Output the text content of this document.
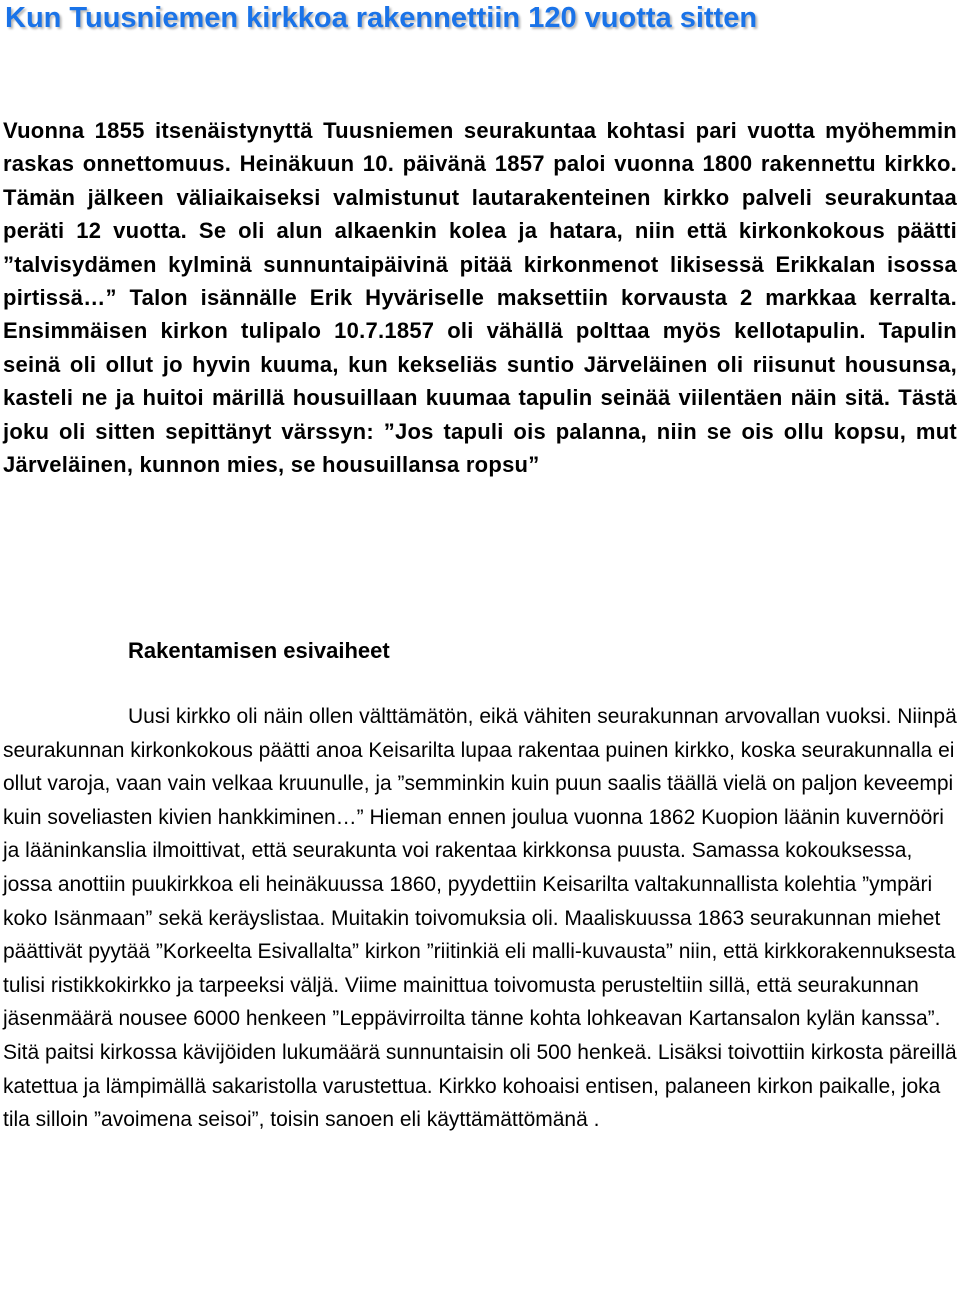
Kun Tuusniemen kirkkoa rakennettiin 120 vuotta sitten

Vuonna 1855 itsenäistynyttä Tuusniemen seurakuntaa kohtasi pari vuotta myöhemmin raskas onnettomuus. Heinäkuun 10. päivänä 1857 paloi vuonna 1800 rakennettu kirkko. Tämän jälkeen väliaikaiseksi valmistunut lautarakenteinen kirkko palveli seurakuntaa peräti 12 vuotta. Se oli alun alkaenkin kolea ja hatara, niin että kirkonkokous päätti ”talvisydämen kylminä sunnuntaipäivinä pitää kirkonmenot likisessä Erikkalan isossa pirtissä…” Talon isännälle Erik Hyväriselle maksettiin korvausta 2 markkaa kerralta. Ensimmäisen kirkon tulipalo 10.7.1857 oli vähällä polttaa myös kellotapulin. Tapulin seinä oli ollut jo hyvin kuuma, kun kekseliäs suntio Järveläinen oli riisunut housunsa, kasteli ne ja huitoi märillä housuillaan kuumaa tapulin seinää viilentäen näin sitä. Tästä joku oli sitten sepittänyt värssyn: ”Jos tapuli ois palanna, niin se ois ollu kopsu, mut Järveläinen, kunnon mies, se housuillansa ropsu”

Rakentamisen esivaiheet

Uusi kirkko oli näin ollen välttämätön, eikä vähiten seurakunnan arvovallan vuoksi. Niinpä seurakunnan kirkonkokous päätti anoa Keisarilta lupaa rakentaa puinen kirkko, koska seurakunnalla ei ollut varoja, vaan vain velkaa kruunulle, ja ”semminkin kuin puun saalis täällä vielä on paljon keveempi kuin soveliasten kivien hankkiminen…” Hieman ennen joulua vuonna 1862 Kuopion läänin kuvernööri ja lääninkanslia ilmoittivat, että seurakunta voi rakentaa kirkkonsa puusta. Samassa kokouksessa, jossa anottiin puukirkkoa eli heinäkuussa 1860, pyydettiin Keisarilta valtakunnallista kolehtia ”ympäri koko Isänmaan” sekä keräyslistaa. Muitakin toivomuksia oli. Maaliskuussa 1863 seurakunnan miehet päättivät pyytää ”Korkeelta Esivallalta” kirkon ”riitinkiä eli malli-kuvausta” niin, että kirkkorakennuksesta tulisi ristikkokirkko ja tarpeeksi väljä. Viime mainittua toivomusta perusteltiin sillä, että seurakunnan jäsenmäärä nousee 6000 henkeen ”Leppävirroilta tänne kohta lohkeavan Kartansalon kylän kanssa”. Sitä paitsi kirkossa kävijöiden lukumäärä sunnuntaisin oli 500 henkeä. Lisäksi toivottiin kirkosta päreillä katettua ja lämpimällä sakaristolla varustettua. Kirkko kohoaisi entisen, palaneen kirkon paikalle, joka tila silloin ”avoimena seisoi”, toisin sanoen eli käyttämättömänä .
